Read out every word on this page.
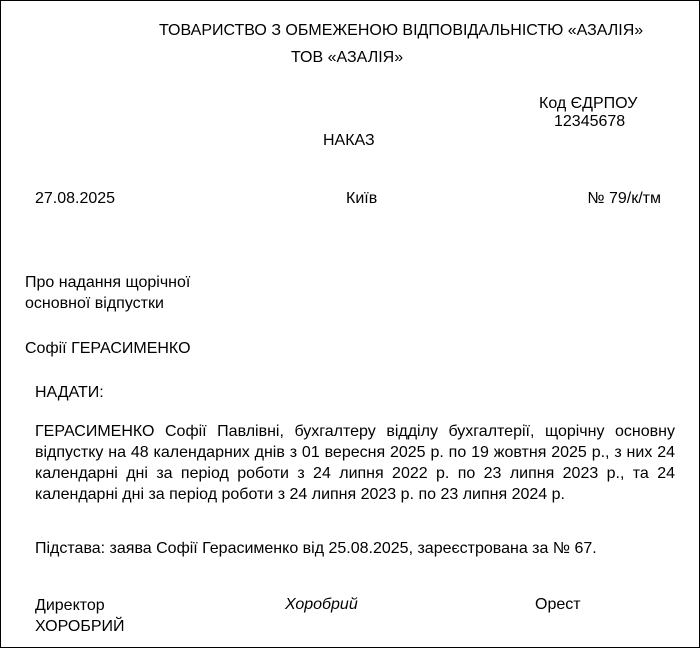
ТОВАРИСТВО З ОБМЕЖЕНОЮ ВІДПОВІДАЛЬНІСТЮ «АЗАЛІЯ»
ТОВ «АЗАЛІЯ»
Код ЄДРПОУ
12345678
НАКАЗ
27.08.2025	Київ	№ 79/к/тм
Про надання щорічної основної відпустки
Софії ГЕРАСИМЕНКО
НАДАТИ:
ГЕРАСИМЕНКО Софії Павлівні, бухгалтеру відділу бухгалтерії, щорічну основну відпустку на 48 календарних днів з 01 вересня 2025 р. по 19 жовтня 2025 р., з них 24 календарні дні за період роботи з 24 липня 2022 р. по 23 липня 2023 р., та 24 календарні дні за період роботи з 24 липня 2023 р. по 23 липня 2024 р.
Підстава: заява Софії Герасименко від 25.08.2025, зареєстрована за № 67.
Директор
ХОРОБРИЙ
Хоробрий	Орест
